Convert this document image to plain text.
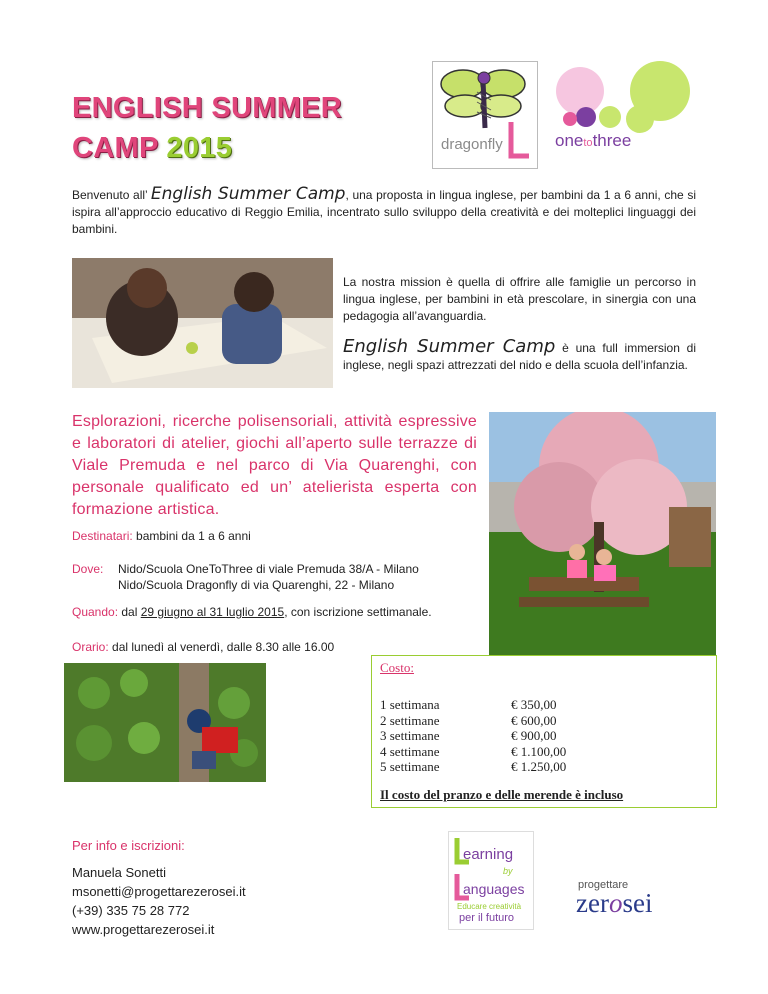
ENGLISH SUMMER
CAMP 2015	dragonfly	onetothree
Benvenuto all’ English Summer Camp, una proposta in lingua inglese, per bambini da 1 a 6 anni, che si ispira all’approccio educativo di Reggio Emilia, incentrato sullo sviluppo della creatività e dei molteplici linguaggi dei bambini.
La nostra mission è quella di offrire alle famiglie un percorso in lingua inglese, per bambini in età prescolare, in sinergia con una pedagogia all’avanguardia.
English Summer Camp è una full immersion di inglese, negli spazi attrezzati del nido e della scuola dell’infanzia.
Esplorazioni, ricerche polisensoriali, attività espressive e laboratori di atelier, giochi all’aperto sulle terrazze di Viale Premuda e nel parco di Via Quarenghi, con personale qualificato ed un’ atelierista esperta con formazione artistica.
Destinatari: bambini da 1 a 6 anni
Dove: Nido/Scuola OneToThree di viale Premuda 38/A - Milano
Nido/Scuola Dragonfly di via Quarenghi, 22 - Milano
Quando: dal 29 giugno al 31 luglio 2015, con iscrizione settimanale.
Orario: dal lunedì al venerdì, dalle 8.30 alle 16.00
Costo:
1 settimana	€ 350,00
2 settimane	€ 600,00
3 settimane	€ 900,00
4 settimane	€ 1.100,00
5 settimane	€ 1.250,00
Il costo del pranzo e delle merende è incluso
Per info e iscrizioni:
Manuela Sonetti
msonetti@progettarezerosei.it
(+39) 335 75 28 772
www.progettarezerosei.it
earning
by
anguages
Educare creatività
per il futuro
progettare
zerosei
